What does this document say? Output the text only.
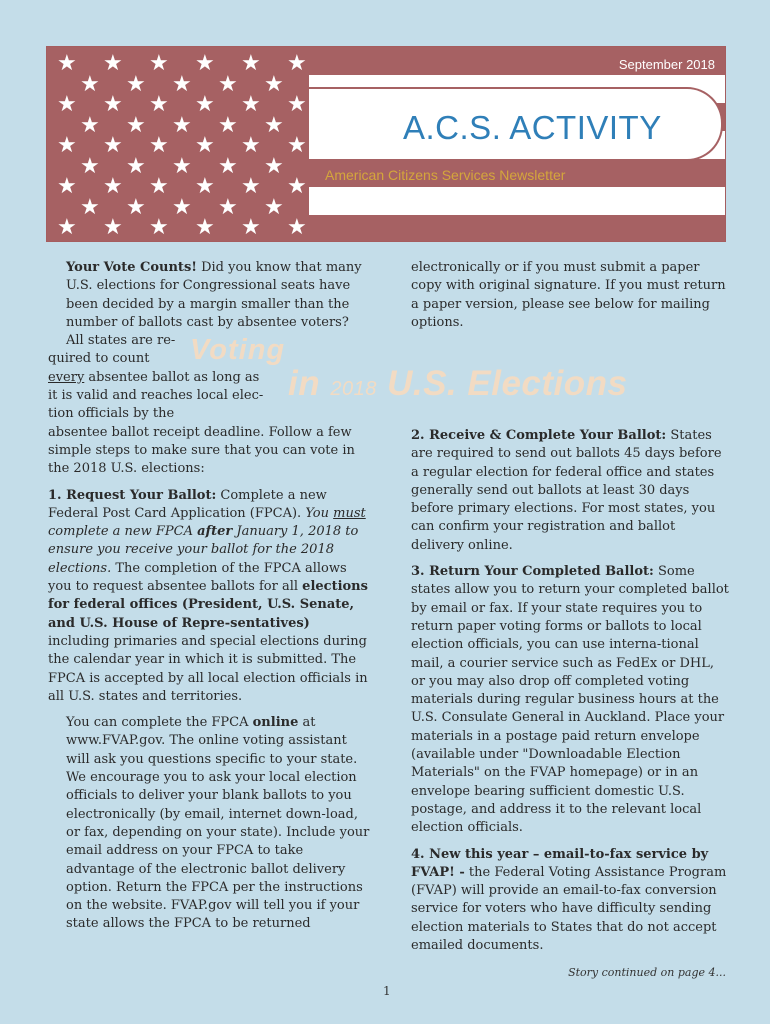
★ ★ ★ ★ ★ ★
★ ★ ★ ★ ★
★ ★ ★ ★ ★ ★
★ ★ ★ ★ ★
★ ★ ★ ★ ★ ★
★ ★ ★ ★ ★
★ ★ ★ ★ ★ ★
★ ★ ★ ★ ★
★ ★ ★ ★ ★ ★
September 2018
A.C.S. ACTIVITY
American Citizens Services Newsletter
Voting
in 2018 U.S. Elections

Your Vote Counts! Did you know that many U.S. elections for Congressional seats have been decided by a margin smaller than the number of ballots cast by absentee voters? All states are re-

quired to count
every absentee ballot as long as
it is valid and reaches local elec-
tion officials by the

absentee ballot receipt deadline. Follow a few simple steps to make sure that you can vote in the 2018 U.S. elections:

1. Request Your Ballot: Complete a new Federal Post Card Application (FPCA). You must complete a new FPCA after January 1, 2018 to ensure you receive your ballot for the 2018 elections. The completion of the FPCA allows you to request absentee ballots for all elections for federal offices (President, U.S. Senate, and U.S. House of Repre-sentatives) including primaries and special elections during the calendar year in which it is submitted. The FPCA is accepted by all local election officials in all U.S. states and territories.

You can complete the FPCA online at www.FVAP.gov. The online voting assistant will ask you questions specific to your state. We encourage you to ask your local election officials to deliver your blank ballots to you electronically (by email, internet down-load, or fax, depending on your state). Include your email address on your FPCA to take advantage of the electronic ballot delivery option. Return the FPCA per the instructions on the website. FVAP.gov will tell you if your state allows the FPCA to be returned

electronically or if you must submit a paper copy with original signature. If you must return a paper version, please see below for mailing options.

2. Receive & Complete Your Ballot: States are required to send out ballots 45 days before a regular election for federal office and states generally send out ballots at least 30 days before primary elections. For most states, you can confirm your registration and ballot delivery online.

3. Return Your Completed Ballot: Some states allow you to return your completed ballot by email or fax. If your state requires you to return paper voting forms or ballots to local election officials, you can use interna-tional mail, a courier service such as FedEx or DHL, or you may also drop off completed voting materials during regular business hours at the U.S. Consulate General in Auckland. Place your materials in a postage paid return envelope (available under "Downloadable Election Materials" on the FVAP homepage) or in an envelope bearing sufficient domestic U.S. postage, and address it to the relevant local election officials.

4. New this year – email-to-fax service by FVAP! - the Federal Voting Assistance Program (FVAP) will provide an email-to-fax conversion service for voters who have difficulty sending election materials to States that do not accept emailed documents.

Story continued on page 4...
1
